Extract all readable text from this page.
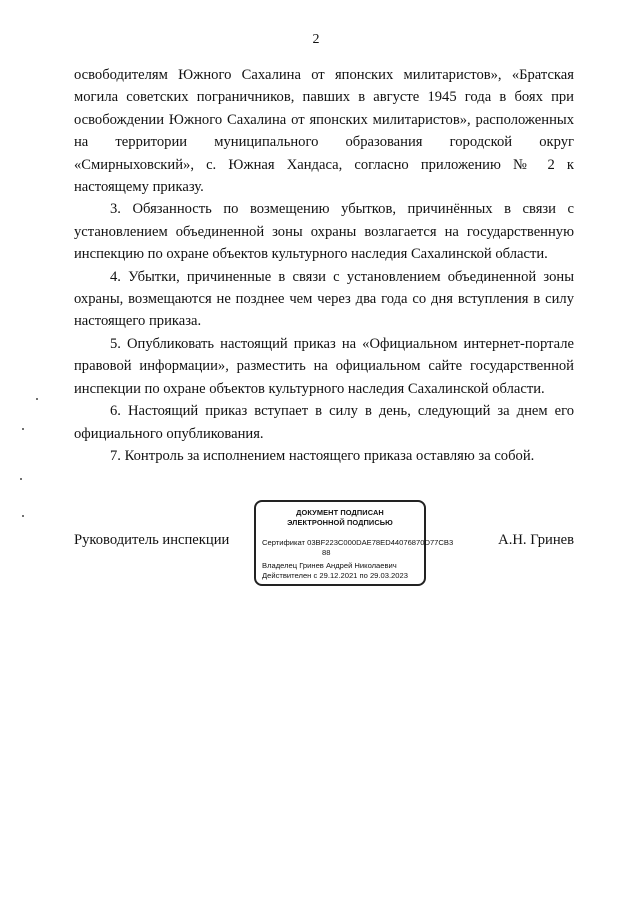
2

освободителям Южного Сахалина от японских милитаристов», «Братская могила советских пограничников, павших в августе 1945 года в боях при освобождении Южного Сахалина от японских милитаристов», расположенных на территории муниципального образования городской округ «Смирныховский», с. Южная Хандаса, согласно приложению № 2 к настоящему приказу.

3. Обязанность по возмещению убытков, причинённых в связи с установлением объединенной зоны охраны возлагается на государственную инспекцию по охране объектов культурного наследия Сахалинской области.

4. Убытки, причиненные в связи с установлением объединенной зоны охраны, возмещаются не позднее чем через два года со дня вступления в силу настоящего приказа.

5. Опубликовать настоящий приказ на «Официальном интернет-портале правовой информации», разместить на официальном сайте государственной инспекции по охране объектов культурного наследия Сахалинской области.

6. Настоящий приказ вступает в силу в день, следующий за днем его официального опубликования.

7. Контроль за исполнением настоящего приказа оставляю за собой.

Руководитель инспекции	А.Н. Гринев
ДОКУМЕНТ ПОДПИСАН
ЭЛЕКТРОННОЙ ПОДПИСЬЮ
Сертификат 03BF223C000DAE78ED44076870D77CB3
88
Владелец Гринев Андрей Николаевич
Действителен с 29.12.2021 по 29.03.2023
